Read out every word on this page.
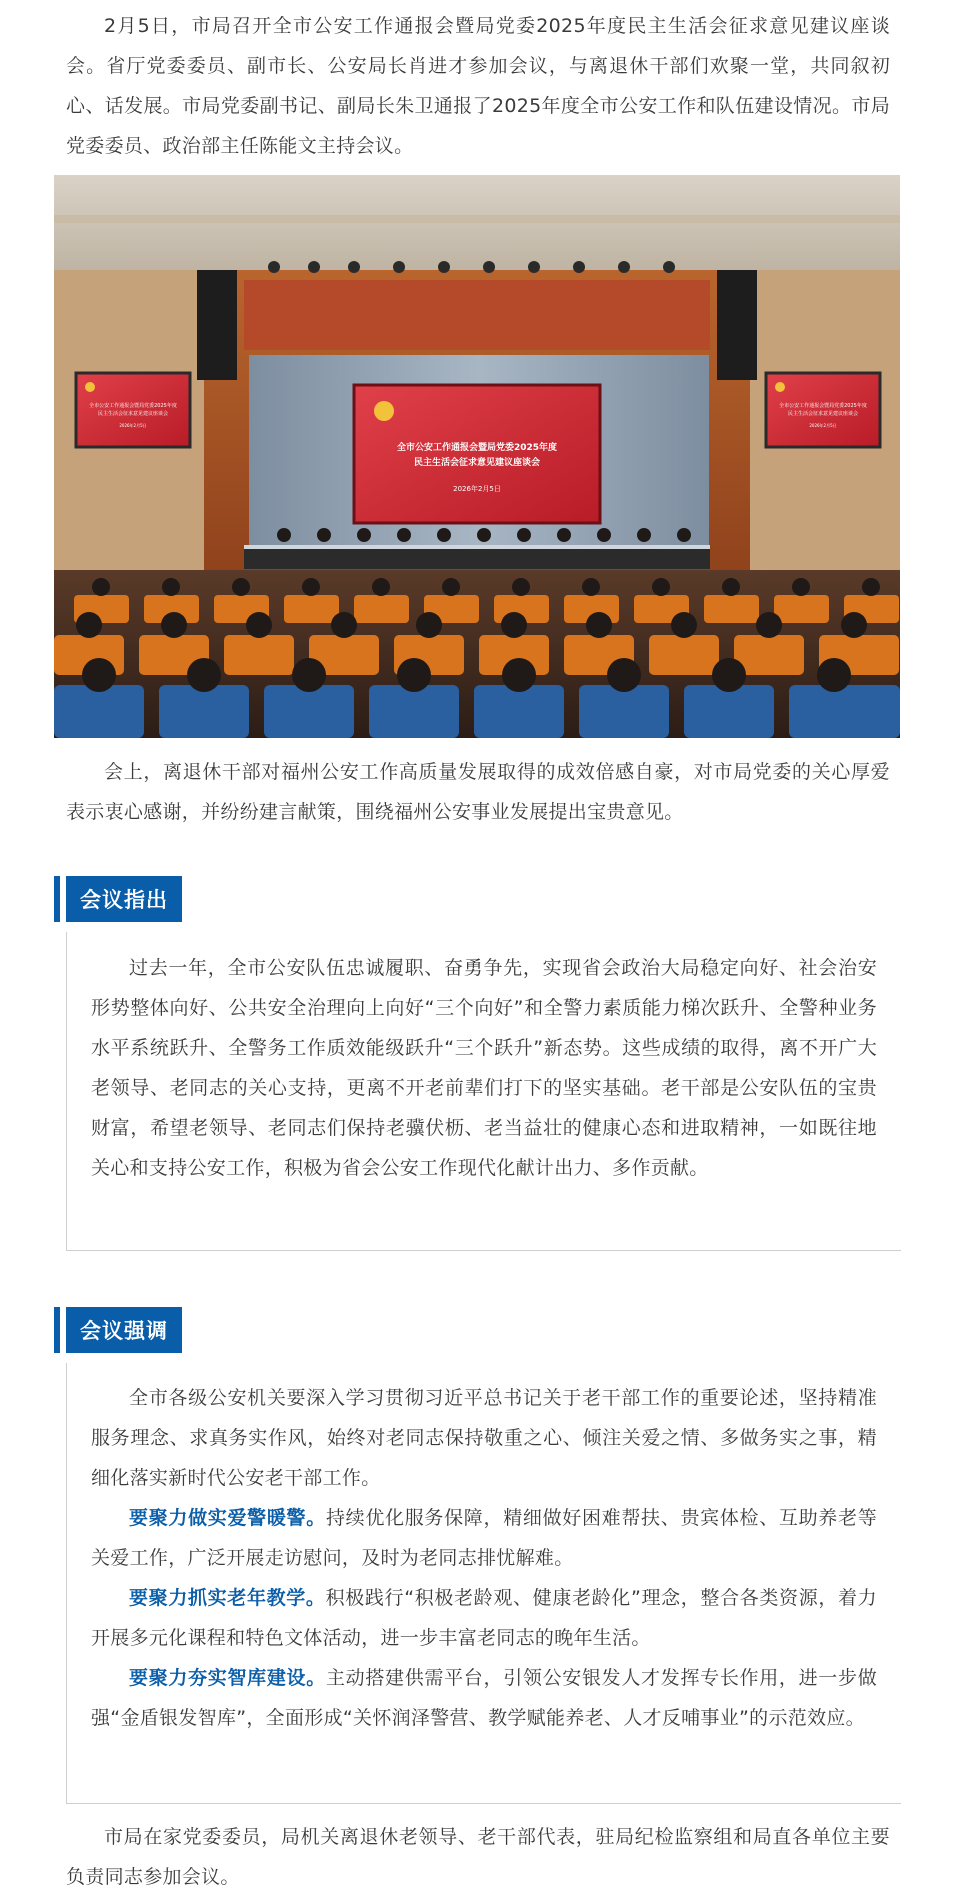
2月5日，市局召开全市公安工作通报会暨局党委2025年度民主生活会征求意见建议座谈会。省厅党委委员、副市长、公安局长肖进才参加会议，与离退休干部们欢聚一堂，共同叙初心、话发展。市局党委副书记、副局长朱卫通报了2025年度全市公安工作和队伍建设情况。市局党委委员、政治部主任陈能文主持会议。

全市公安工作通报会暨局党委2025年度
民主生活会征求意见建议座谈会
2026年2月5日
全市公安工作通报会暨局党委2025年度
民主生活会征求意见建议座谈会
2026年2月5日
全市公安工作通报会暨局党委2025年度
民主生活会征求意见建议座谈会
2026年2月5日

会上，离退休干部对福州公安工作高质量发展取得的成效倍感自豪，对市局党委的关心厚爱表示衷心感谢，并纷纷建言献策，围绕福州公安事业发展提出宝贵意见。

会议指出

过去一年，全市公安队伍忠诚履职、奋勇争先，实现省会政治大局稳定向好、社会治安形势整体向好、公共安全治理向上向好“三个向好”和全警力素质能力梯次跃升、全警种业务水平系统跃升、全警务工作质效能级跃升“三个跃升”新态势。这些成绩的取得，离不开广大老领导、老同志的关心支持，更离不开老前辈们打下的坚实基础。老干部是公安队伍的宝贵财富，希望老领导、老同志们保持老骥伏枥、老当益壮的健康心态和进取精神，一如既往地关心和支持公安工作，积极为省会公安工作现代化献计出力、多作贡献。

会议强调

全市各级公安机关要深入学习贯彻习近平总书记关于老干部工作的重要论述，坚持精准服务理念、求真务实作风，始终对老同志保持敬重之心、倾注关爱之情、多做务实之事，精细化落实新时代公安老干部工作。

要聚力做实爱警暖警。持续优化服务保障，精细做好困难帮扶、贵宾体检、互助养老等关爱工作，广泛开展走访慰问，及时为老同志排忧解难。

要聚力抓实老年教学。积极践行“积极老龄观、健康老龄化”理念，整合各类资源，着力开展多元化课程和特色文体活动，进一步丰富老同志的晚年生活。

要聚力夯实智库建设。主动搭建供需平台，引领公安银发人才发挥专长作用，进一步做强“金盾银发智库”，全面形成“关怀润泽警营、教学赋能养老、人才反哺事业”的示范效应。

市局在家党委委员，局机关离退休老领导、老干部代表，驻局纪检监察组和局直各单位主要负责同志参加会议。
